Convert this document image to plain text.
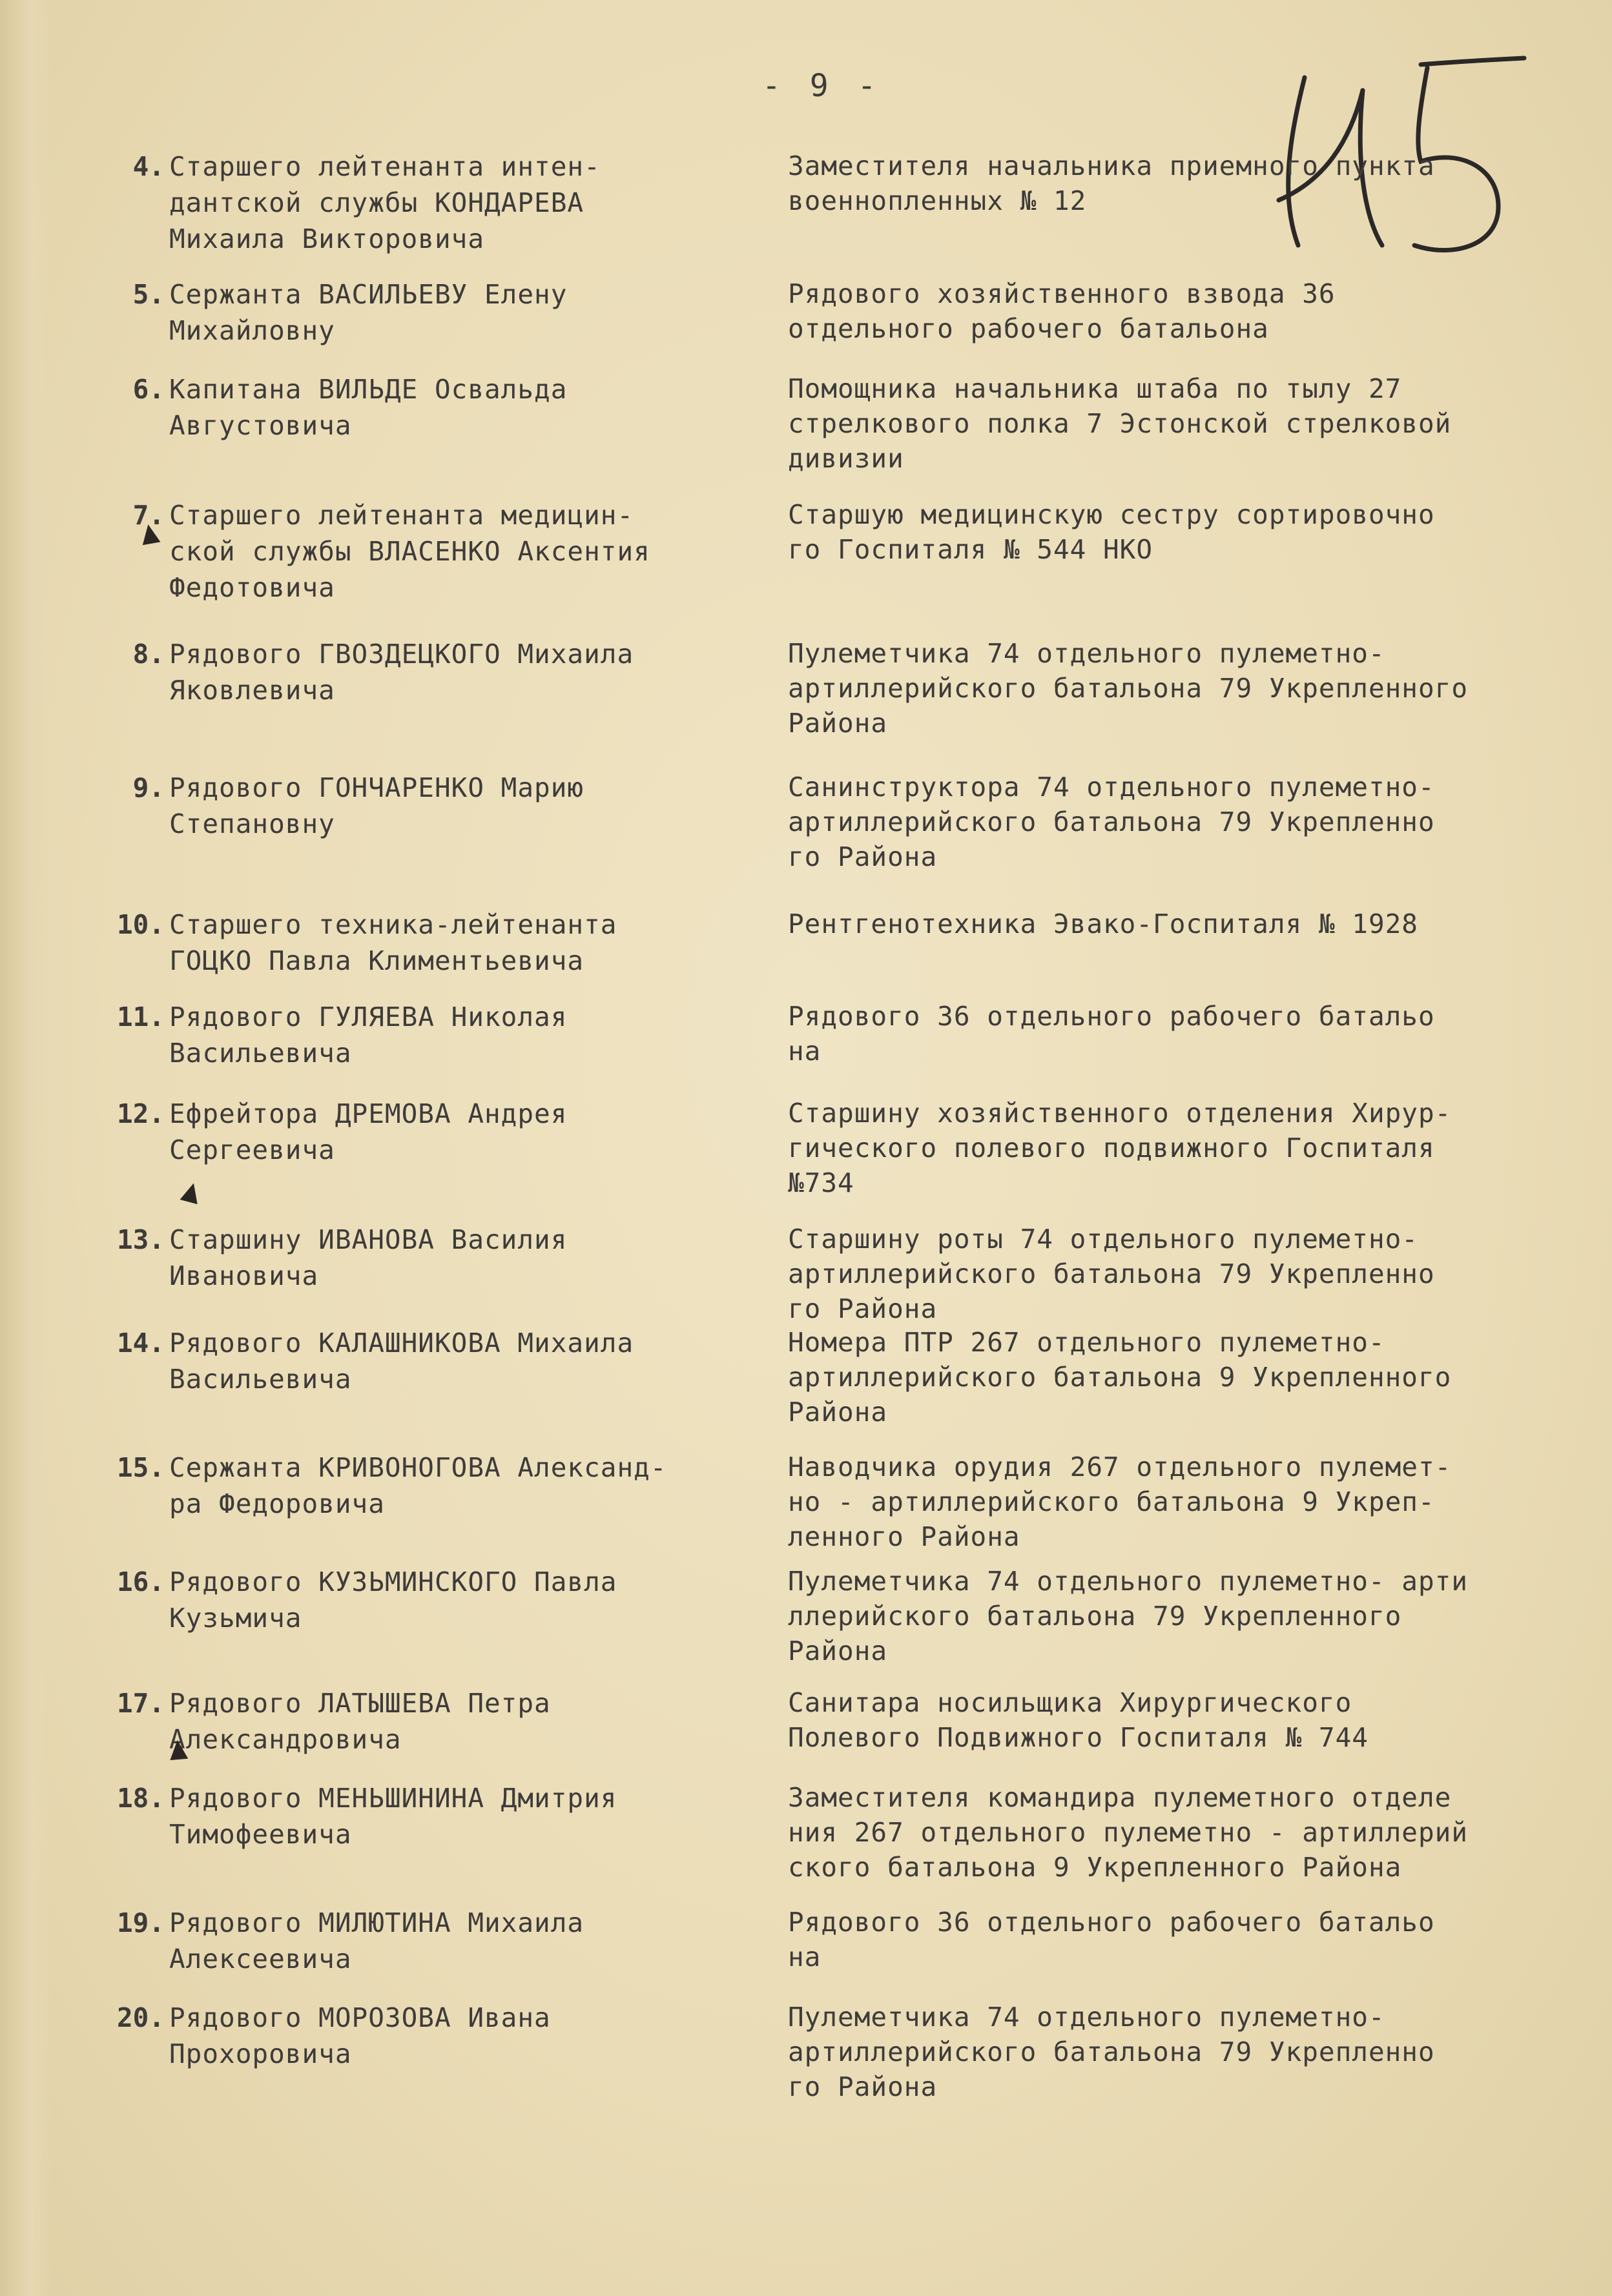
- 9 -
4. Старшего лейтенанта интен-
дантской службы КОНДАРЕВА
Михаила Викторовича
Заместителя начальника приемного пункта
военнопленных № 12
5. Сержанта ВАСИЛЬЕВУ Елену
Михайловну
Рядового хозяйственного взвода 36
отдельного рабочего батальона
6. Капитана ВИЛЬДЕ Освальда
Августовича
Помощника начальника штаба по тылу 27
стрелкового полка 7 Эстонской стрелковой
дивизии
7. Старшего лейтенанта медицин-
ской службы ВЛАСЕНКО Аксентия
Федотовича
Старшую медицинскую сестру сортировочно
го Госпиталя № 544 НКО
8. Рядового ГВОЗДЕЦКОГО Михаила
Яковлевича
Пулеметчика 74 отдельного пулеметно-
артиллерийского батальона 79 Укрепленного
Района
9. Рядового ГОНЧАРЕНКО Марию
Степановну
Санинструктора 74 отдельного пулеметно-
артиллерийского батальона 79 Укрепленно
го Района
10. Старшего техника-лейтенанта
ГОЦКО Павла Климентьевича
Рентгенотехника Эвако-Госпиталя № 1928
11. Рядового ГУЛЯЕВА Николая
Васильевича
Рядового 36 отдельного рабочего батальо
на
12. Ефрейтора ДРЕМОВА Андрея
Сергеевича
Старшину хозяйственного отделения Хирур-
гического полевого подвижного Госпиталя
№734
13. Старшину ИВАНОВА Василия
Ивановича
Старшину роты 74 отдельного пулеметно-
артиллерийского батальона 79 Укрепленно
го Района
14. Рядового КАЛАШНИКОВА Михаила
Васильевича
Номера ПТР 267 отдельного пулеметно-
артиллерийского батальона 9 Укрепленного
Района
15. Сержанта КРИВОНОГОВА Александ-
ра Федоровича
Наводчика орудия 267 отдельного пулемет-
но - артиллерийского батальона 9 Укреп-
ленного Района
16. Рядового КУЗЬМИНСКОГО Павла
Кузьмича
Пулеметчика 74 отдельного пулеметно- арти
ллерийского батальона 79 Укрепленного
Района
17. Рядового ЛАТЫШЕВА Петра
Александровича
Санитара носильщика Хирургического
Полевого Подвижного Госпиталя № 744
18. Рядового МЕНЬШИНИНА Дмитрия
Тимофеевича
Заместителя командира пулеметного отделе
ния 267 отдельного пулеметно - артиллерий
ского батальона 9 Укрепленного Района
19. Рядового МИЛЮТИНА Михаила
Алексеевича
Рядового 36 отдельного рабочего батальо
на
20. Рядового МОРОЗОВА Ивана
Прохоровича
Пулеметчика 74 отдельного пулеметно-
артиллерийского батальона 79 Укрепленно
го Района
